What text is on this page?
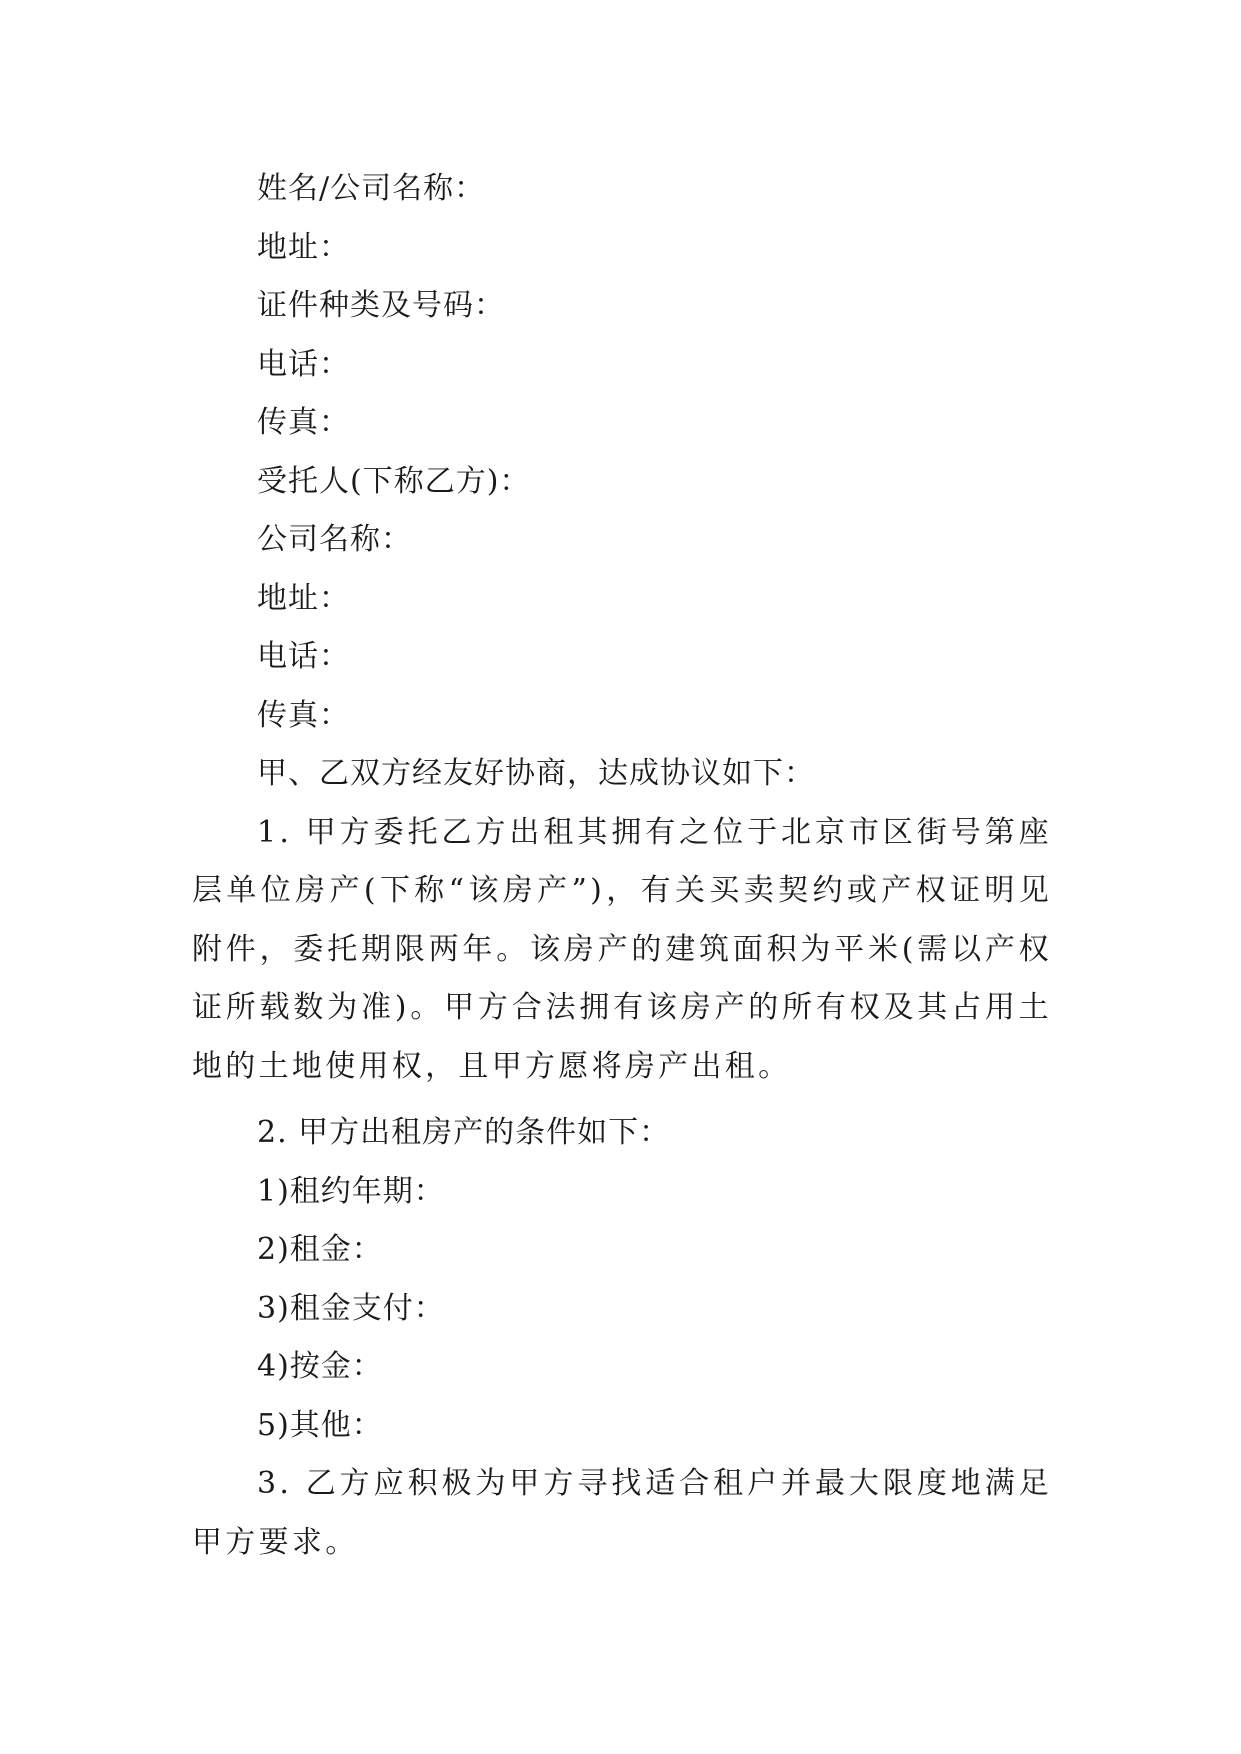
姓名/公司名称：
地址：
证件种类及号码：
电话：
传真：
受托人(下称乙方)：
公司名称：
地址：
电话：
传真：
甲、乙双方经友好协商，达成协议如下：

1. 甲方委托乙方出租其拥有之位于北京市区街号第座层单位房产(下称“该房产”)，有关买卖契约或产权证明见附件，委托期限两年。该房产的建筑面积为平米(需以产权证所载数为准)。甲方合法拥有该房产的所有权及其占用土地的土地使用权，且甲方愿将房产出租。

2. 甲方出租房产的条件如下：
1)租约年期：
2)租金：
3)租金支付：
4)按金：
5)其他：

3. 乙方应积极为甲方寻找适合租户并最大限度地满足甲方要求。
